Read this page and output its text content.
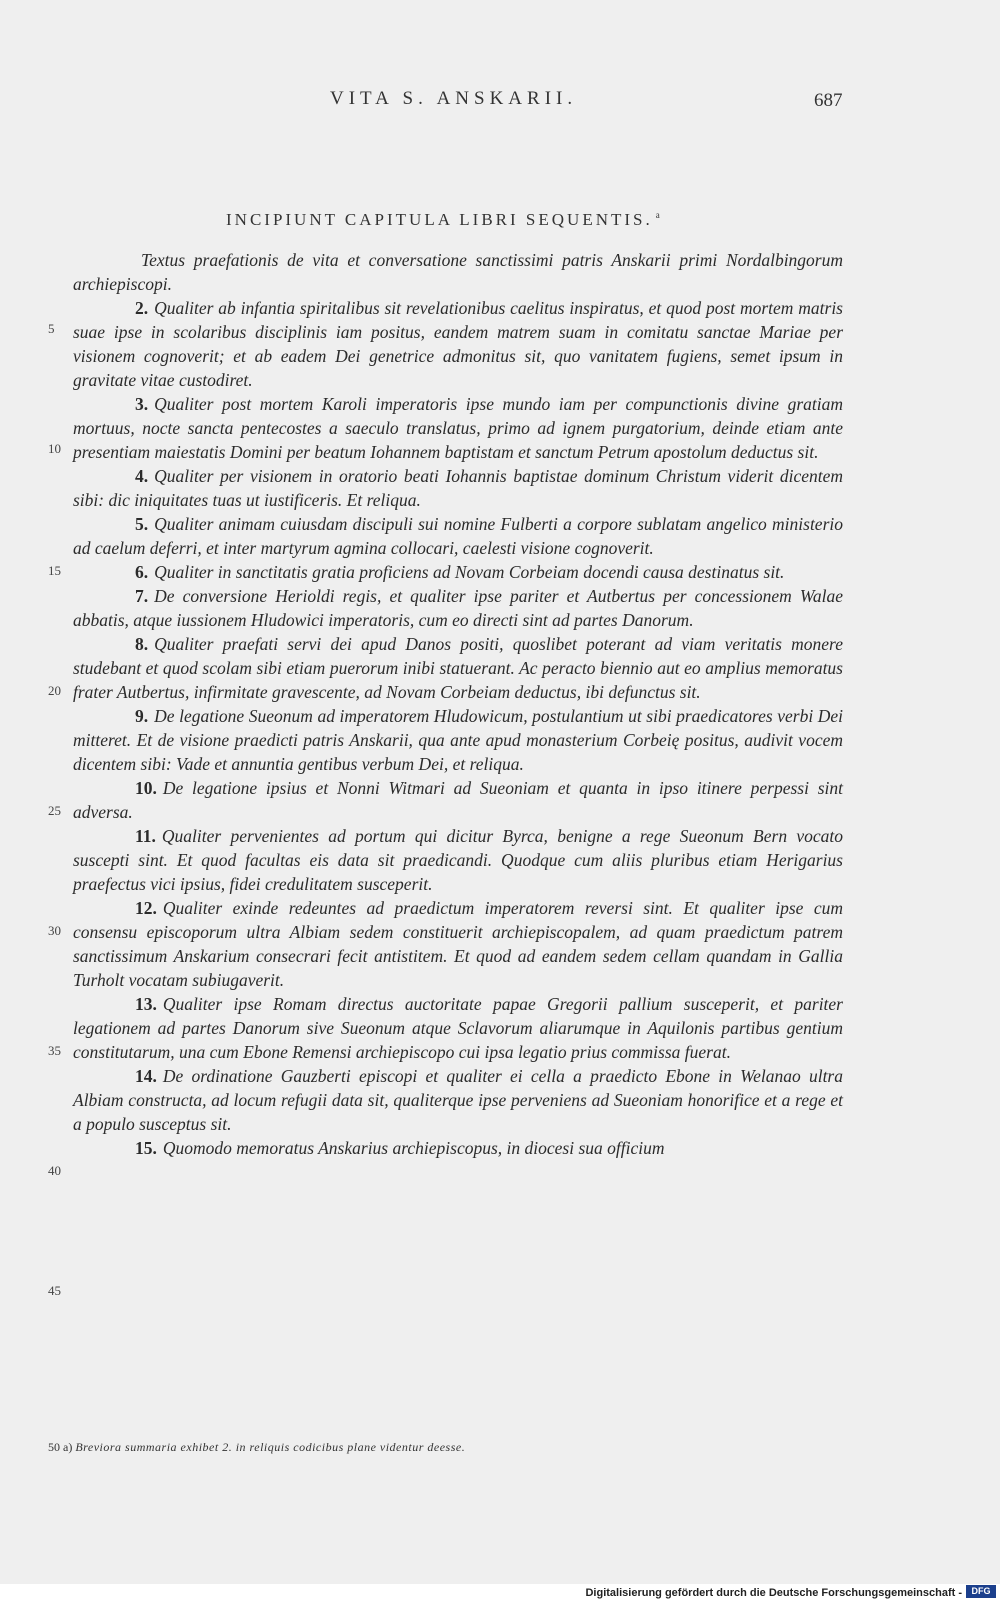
VITA S. ANSKARII.	687
INCIPIUNT CAPITULA LIBRI SEQUENTIS. $^a$
5
10
15
20
25
30
35
40
45

Textus praefationis de vita et conversatione sanctissimi patris Anskarii primi Nordalbingorum archiepiscopi.

2. Qualiter ab infantia spiritalibus sit revelationibus caelitus inspiratus, et quod post mortem matris suae ipse in scolaribus disciplinis iam positus, eandem matrem suam in comitatu sanctae Mariae per visionem cognoverit; et ab eadem Dei genetrice admonitus sit, quo vanitatem fugiens, semet ipsum in gravitate vitae custodiret.

3. Qualiter post mortem Karoli imperatoris ipse mundo iam per compunctionis divine gratiam mortuus, nocte sancta pentecostes a saeculo translatus, primo ad ignem purgatorium, deinde etiam ante presentiam maiestatis Domini per beatum Iohannem baptistam et sanctum Petrum apostolum deductus sit.

4. Qualiter per visionem in oratorio beati Iohannis baptistae dominum Christum viderit dicentem sibi: dic iniquitates tuas ut iustificeris. Et reliqua.

5. Qualiter animam cuiusdam discipuli sui nomine Fulberti a corpore sublatam angelico ministerio ad caelum deferri, et inter martyrum agmina collocari, caelesti visione cognoverit.

6. Qualiter in sanctitatis gratia proficiens ad Novam Corbeiam docendi causa destinatus sit.

7. De conversione Herioldi regis, et qualiter ipse pariter et Autbertus per concessionem Walae abbatis, atque iussionem Hludowici imperatoris, cum eo directi sint ad partes Danorum.

8. Qualiter praefati servi dei apud Danos positi, quoslibet poterant ad viam veritatis monere studebant et quod scolam sibi etiam puerorum inibi statuerant. Ac peracto biennio aut eo amplius memoratus frater Autbertus, infirmitate gravescente, ad Novam Corbeiam deductus, ibi defunctus sit.

9. De legatione Sueonum ad imperatorem Hludowicum, postulantium ut sibi praedicatores verbi Dei mitteret. Et de visione praedicti patris Anskarii, qua ante apud monasterium Corbeię positus, audivit vocem dicentem sibi: Vade et annuntia gentibus verbum Dei, et reliqua.

10. De legatione ipsius et Nonni Witmari ad Sueoniam et quanta in ipso itinere perpessi sint adversa.

11. Qualiter pervenientes ad portum qui dicitur Byrca, benigne a rege Sueonum Bern vocato suscepti sint. Et quod facultas eis data sit praedicandi. Quodque cum aliis pluribus etiam Herigarius praefectus vici ipsius, fidei credulitatem susceperit.

12. Qualiter exinde redeuntes ad praedictum imperatorem reversi sint. Et qualiter ipse cum consensu episcoporum ultra Albiam sedem constituerit archiepiscopalem, ad quam praedictum patrem sanctissimum Anskarium consecrari fecit antistitem. Et quod ad eandem sedem cellam quandam in Gallia Turholt vocatam subiugaverit.

13. Qualiter ipse Romam directus auctoritate papae Gregorii pallium susceperit, et pariter legationem ad partes Danorum sive Sueonum atque Sclavorum aliarumque in Aquilonis partibus gentium constitutarum, una cum Ebone Remensi archiepiscopo cui ipsa legatio prius commissa fuerat.

14. De ordinatione Gauzberti episcopi et qualiter ei cella a praedicto Ebone in Welanao ultra Albiam constructa, ad locum refugii data sit, qualiterque ipse perveniens ad Sueoniam honorifice et a rege et a populo susceptus sit.

15. Quomodo memoratus Anskarius archiepiscopus, in diocesi sua officium

50 a) Breviora summaria exhibet 2. in reliquis codicibus plane videntur deesse.
Digitalisierung gefördert durch die Deutsche Forschungsgemeinschaft -	DFG
